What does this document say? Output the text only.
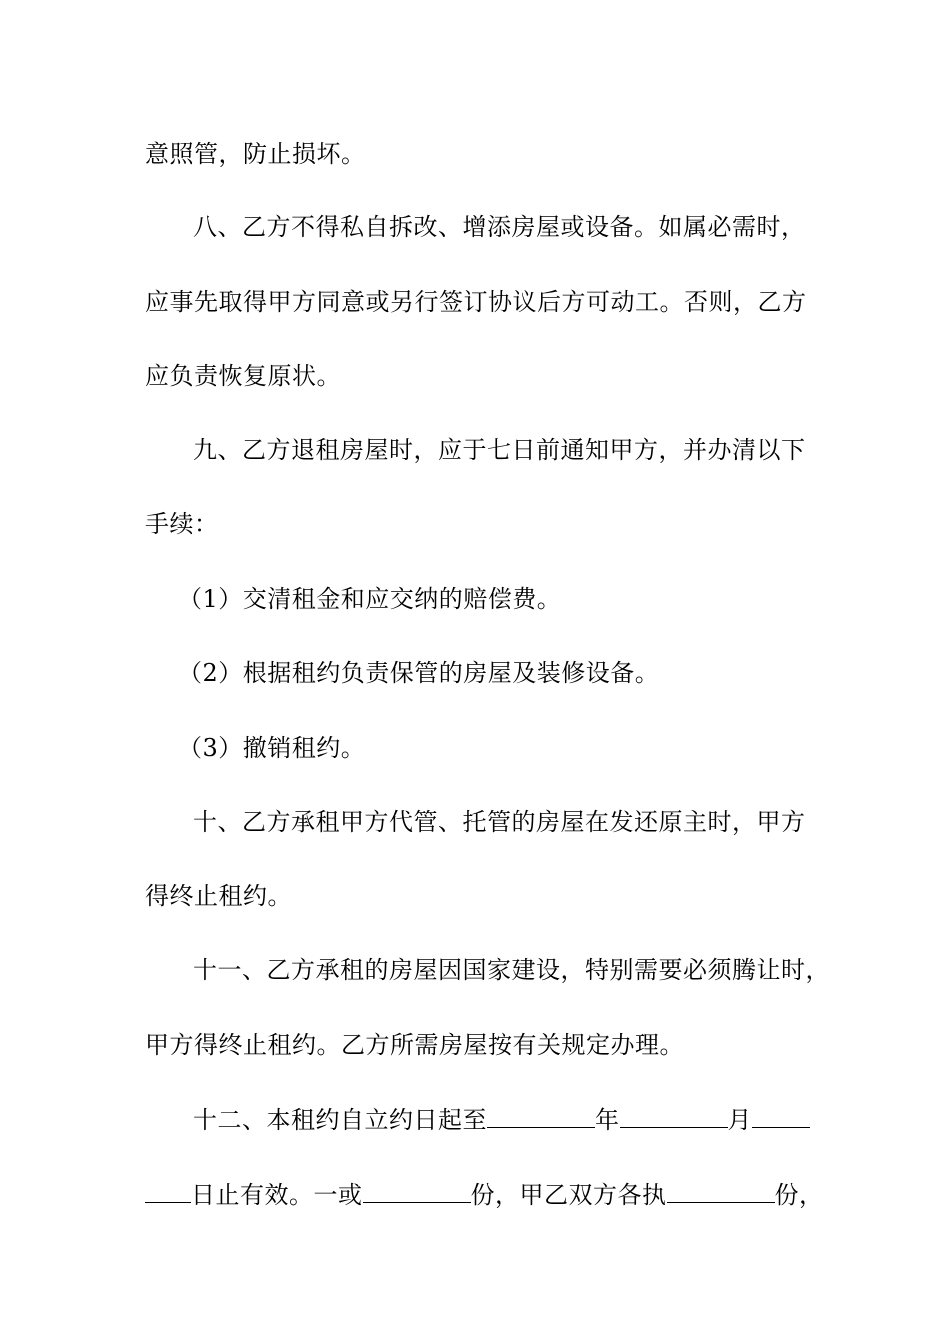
意照管，防止损坏。
八、乙方不得私自拆改、增添房屋或设备。如属必需时，
应事先取得甲方同意或另行签订协议后方可动工。否则，乙方
应负责恢复原状。
九、乙方退租房屋时，应于七日前通知甲方，并办清以下
手续：
（1）交清租金和应交纳的赔偿费。
（2）根据租约负责保管的房屋及装修设备。
（3）撤销租约。
十、乙方承租甲方代管、托管的房屋在发还原主时，甲方
得终止租约。
十一、乙方承租的房屋因国家建设，特别需要必须腾让时，
甲方得终止租约。乙方所需房屋按有关规定办理。
十二、本租约自立约日起至	年	月
日止有效。一或	份，甲乙双方各执	份，
